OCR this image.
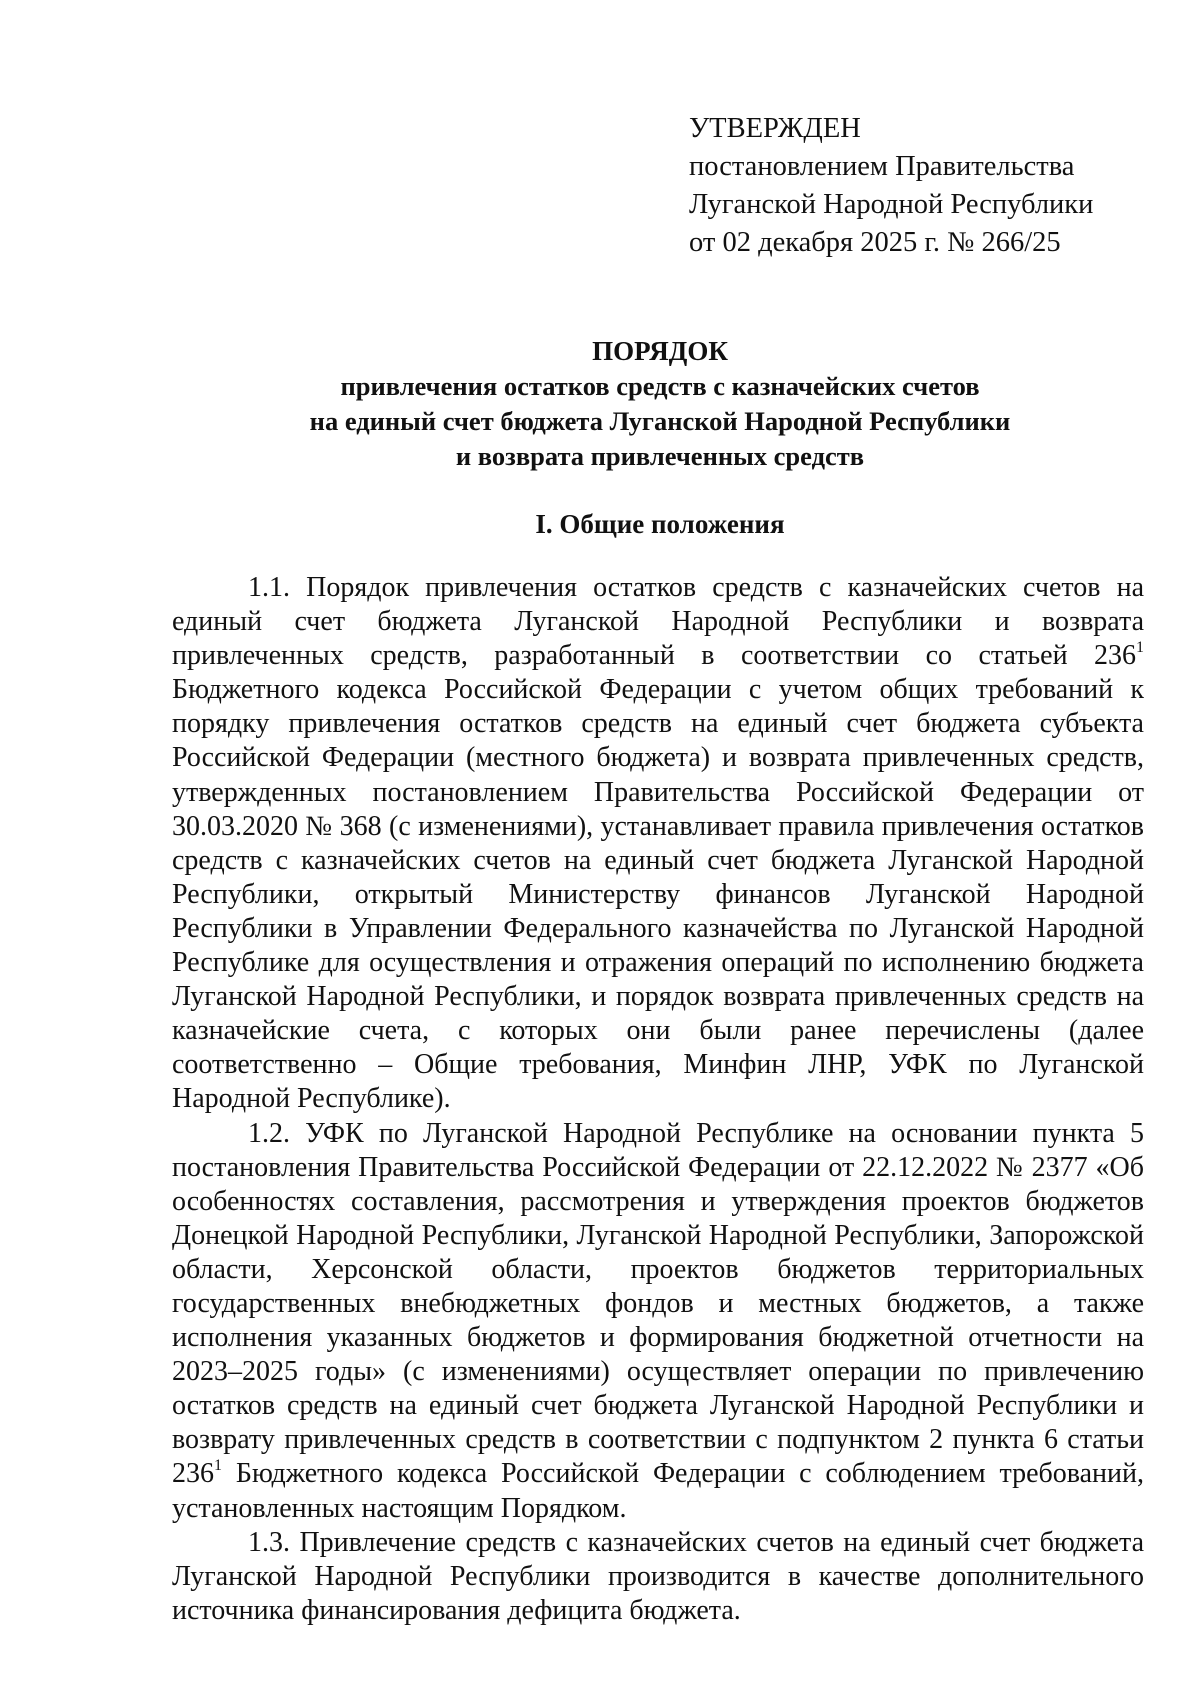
УТВЕРЖДЕН
постановлением Правительства
Луганской Народной Республики
от 02 декабря 2025 г. № 266/25
ПОРЯДОК
привлечения остатков средств с казначейских счетов
на единый счет бюджета Луганской Народной Республики
и возврата привлеченных средств
I. Общие положения

1.1. Порядок привлечения остатков средств с казначейских счетов на единый счет бюджета Луганской Народной Республики и возврата привлеченных средств, разработанный в соответствии со статьей $236^1$ Бюджетного кодекса Российской Федерации с учетом общих требований к порядку привлечения остатков средств на единый счет бюджета субъекта Российской Федерации (местного бюджета) и возврата привлеченных средств, утвержденных постановлением Правительства Российской Федерации от 30.03.2020 № 368 (с изменениями), устанавливает правила привлечения остатков средств с казначейских счетов на единый счет бюджета Луганской Народной Республики, открытый Министерству финансов Луганской Народной Республики в Управлении Федерального казначейства по Луганской Народной Республике для осуществления и отражения операций по исполнению бюджета Луганской Народной Республики, и порядок возврата привлеченных средств на казначейские счета, с которых они были ранее перечислены (далее соответственно – Общие требования, Минфин ЛНР, УФК по Луганской Народной Республике).

1.2. УФК по Луганской Народной Республике на основании пункта 5 постановления Правительства Российской Федерации от 22.12.2022 № 2377 «Об особенностях составления, рассмотрения и утверждения проектов бюджетов Донецкой Народной Республики, Луганской Народной Республики, Запорожской области, Херсонской области, проектов бюджетов территориальных государственных внебюджетных фондов и местных бюджетов, а также исполнения указанных бюджетов и формирования бюджетной отчетности на 2023–2025 годы» (с изменениями) осуществляет операции по привлечению остатков средств на единый счет бюджета Луганской Народной Республики и возврату привлеченных средств в соответствии с подпунктом 2 пункта 6 статьи $236^1$ Бюджетного кодекса Российской Федерации с соблюдением требований, установленных настоящим Порядком.

1.3. Привлечение средств с казначейских счетов на единый счет бюджета Луганской Народной Республики производится в качестве дополнительного источника финансирования дефицита бюджета.
